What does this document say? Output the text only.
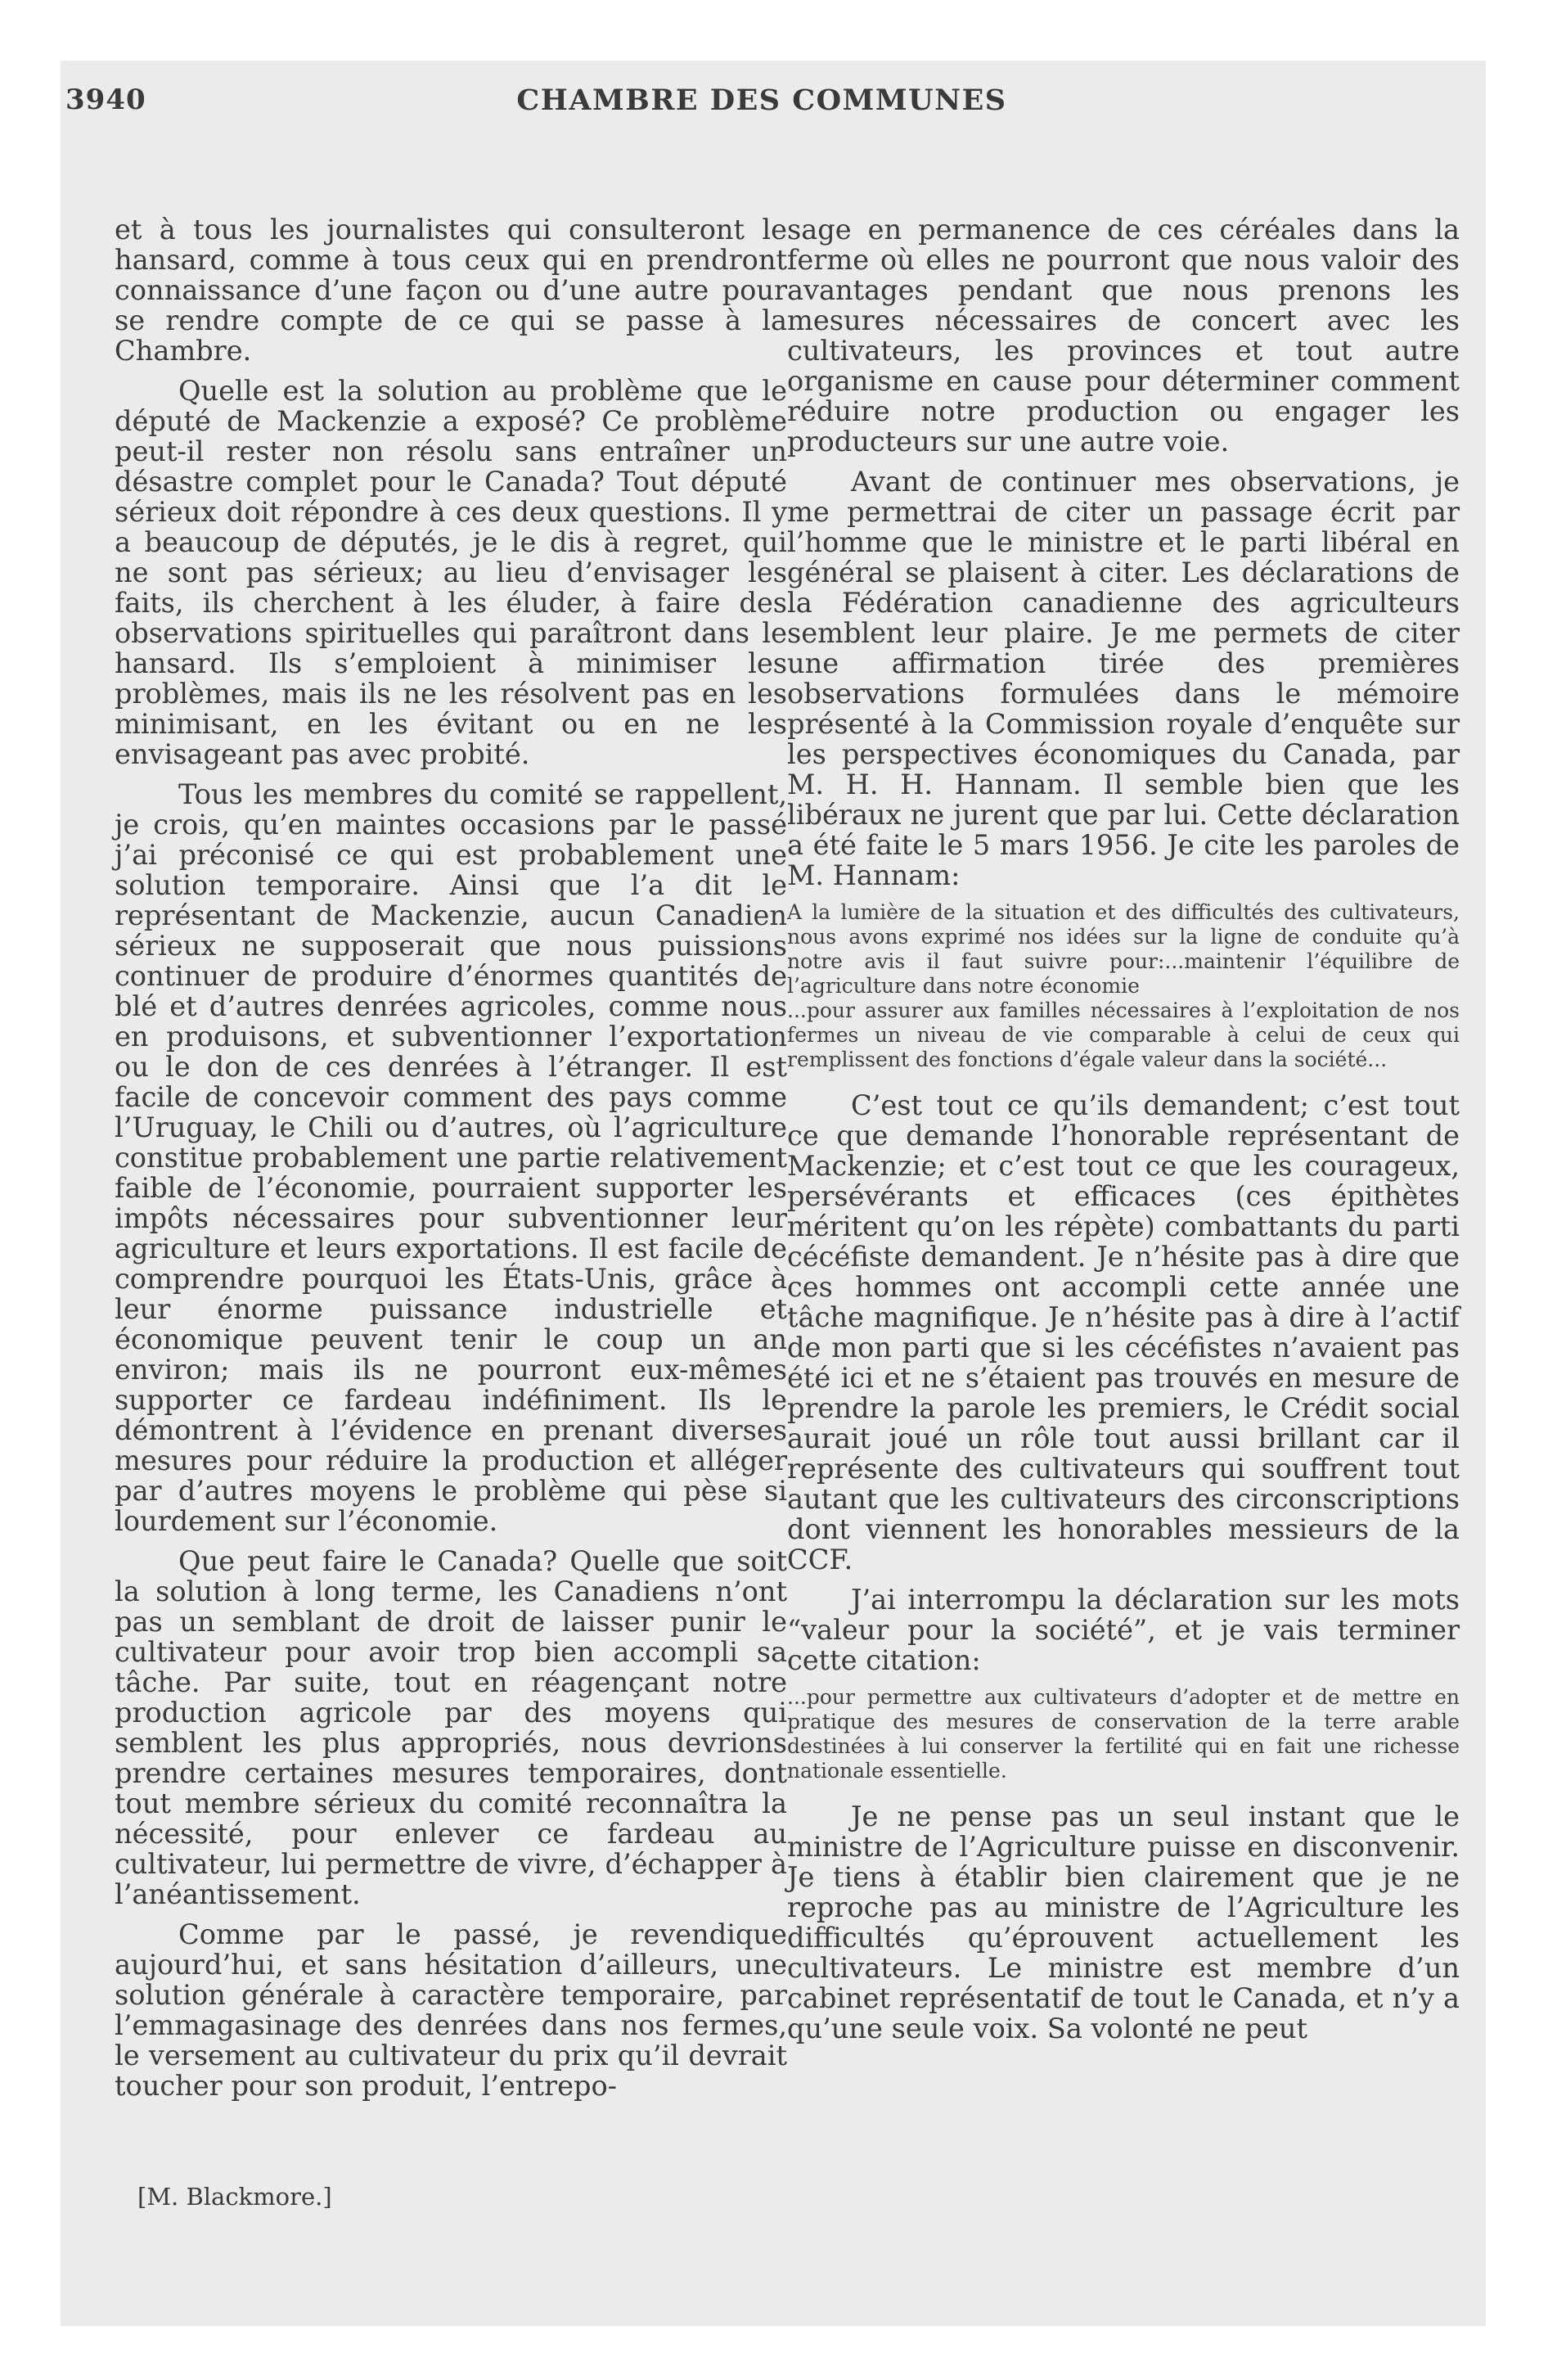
3940	CHAMBRE DES COMMUNES

et à tous les journalistes qui consulteront le hansard, comme à tous ceux qui en prendront connaissance d’une façon ou d’une autre pour se rendre compte de ce qui se passe à la Chambre.

Quelle est la solution au problème que le député de Mackenzie a exposé? Ce problème peut-il rester non résolu sans entraîner un désastre complet pour le Canada? Tout député sérieux doit répondre à ces deux questions. Il y a beaucoup de députés, je le dis à regret, qui ne sont pas sérieux; au lieu d’envisager les faits, ils cherchent à les éluder, à faire des observations spirituelles qui paraîtront dans le hansard. Ils s’emploient à minimiser les problèmes, mais ils ne les résolvent pas en les minimisant, en les évitant ou en ne les envisageant pas avec probité.

Tous les membres du comité se rappellent, je crois, qu’en maintes occasions par le passé j’ai préconisé ce qui est probablement une solution temporaire. Ainsi que l’a dit le représentant de Mackenzie, aucun Canadien sérieux ne supposerait que nous puissions continuer de produire d’énormes quantités de blé et d’autres denrées agricoles, comme nous en produisons, et subventionner l’exportation ou le don de ces denrées à l’étranger. Il est facile de concevoir comment des pays comme l’Uruguay, le Chili ou d’autres, où l’agriculture constitue probablement une partie relativement faible de l’économie, pourraient supporter les impôts nécessaires pour subventionner leur agriculture et leurs exportations. Il est facile de comprendre pourquoi les États-Unis, grâce à leur énorme puissance industrielle et économique peuvent tenir le coup un an environ; mais ils ne pourront eux-mêmes supporter ce fardeau indéfiniment. Ils le démontrent à l’évidence en prenant diverses mesures pour réduire la production et alléger par d’autres moyens le problème qui pèse si lourdement sur l’économie.

Que peut faire le Canada? Quelle que soit la solution à long terme, les Canadiens n’ont pas un semblant de droit de laisser punir le cultivateur pour avoir trop bien accompli sa tâche. Par suite, tout en réagençant notre production agricole par des moyens qui semblent les plus appropriés, nous devrions prendre certaines mesures temporaires, dont tout membre sérieux du comité reconnaîtra la nécessité, pour enlever ce fardeau au cultivateur, lui permettre de vivre, d’échapper à l’anéantissement.

Comme par le passé, je revendique aujourd’hui, et sans hésitation d’ailleurs, une solution générale à caractère temporaire, par l’emmagasinage des denrées dans nos fermes, le versement au cultivateur du prix qu’il devrait toucher pour son produit, l’entrepo-

[M. Blackmore.]

sage en permanence de ces céréales dans la ferme où elles ne pourront que nous valoir des avantages pendant que nous prenons les mesures nécessaires de concert avec les cultivateurs, les provinces et tout autre organisme en cause pour déterminer comment réduire notre production ou engager les producteurs sur une autre voie.

Avant de continuer mes observations, je me permettrai de citer un passage écrit par l’homme que le ministre et le parti libéral en général se plaisent à citer. Les déclarations de la Fédération canadienne des agriculteurs semblent leur plaire. Je me permets de citer une affirmation tirée des premières observations formulées dans le mémoire présenté à la Commission royale d’enquête sur les perspectives économiques du Canada, par M. H. H. Hannam. Il semble bien que les libéraux ne jurent que par lui. Cette déclaration a été faite le 5 mars 1956. Je cite les paroles de M. Hannam:

A la lumière de la situation et des difficultés des cultivateurs, nous avons exprimé nos idées sur la ligne de conduite qu’à notre avis il faut suivre pour:...maintenir l’équilibre de l’agriculture dans notre économie

...pour assurer aux familles nécessaires à l’exploitation de nos fermes un niveau de vie comparable à celui de ceux qui remplissent des fonctions d’égale valeur dans la société...

C’est tout ce qu’ils demandent; c’est tout ce que demande l’honorable représentant de Mackenzie; et c’est tout ce que les courageux, persévérants et efficaces (ces épithètes méritent qu’on les répète) combattants du parti cécéfiste demandent. Je n’hésite pas à dire que ces hommes ont accompli cette année une tâche magnifique. Je n’hésite pas à dire à l’actif de mon parti que si les cécéfistes n’avaient pas été ici et ne s’étaient pas trouvés en mesure de prendre la parole les premiers, le Crédit social aurait joué un rôle tout aussi brillant car il représente des cultivateurs qui souffrent tout autant que les cultivateurs des circonscriptions dont viennent les honorables messieurs de la CCF.

J’ai interrompu la déclaration sur les mots “valeur pour la société”, et je vais terminer cette citation:

...pour permettre aux cultivateurs d’adopter et de mettre en pratique des mesures de conservation de la terre arable destinées à lui conserver la fertilité qui en fait une richesse nationale essentielle.

Je ne pense pas un seul instant que le ministre de l’Agriculture puisse en disconvenir. Je tiens à établir bien clairement que je ne reproche pas au ministre de l’Agriculture les difficultés qu’éprouvent actuellement les cultivateurs. Le ministre est membre d’un cabinet représentatif de tout le Canada, et n’y a qu’une seule voix. Sa volonté ne peut
